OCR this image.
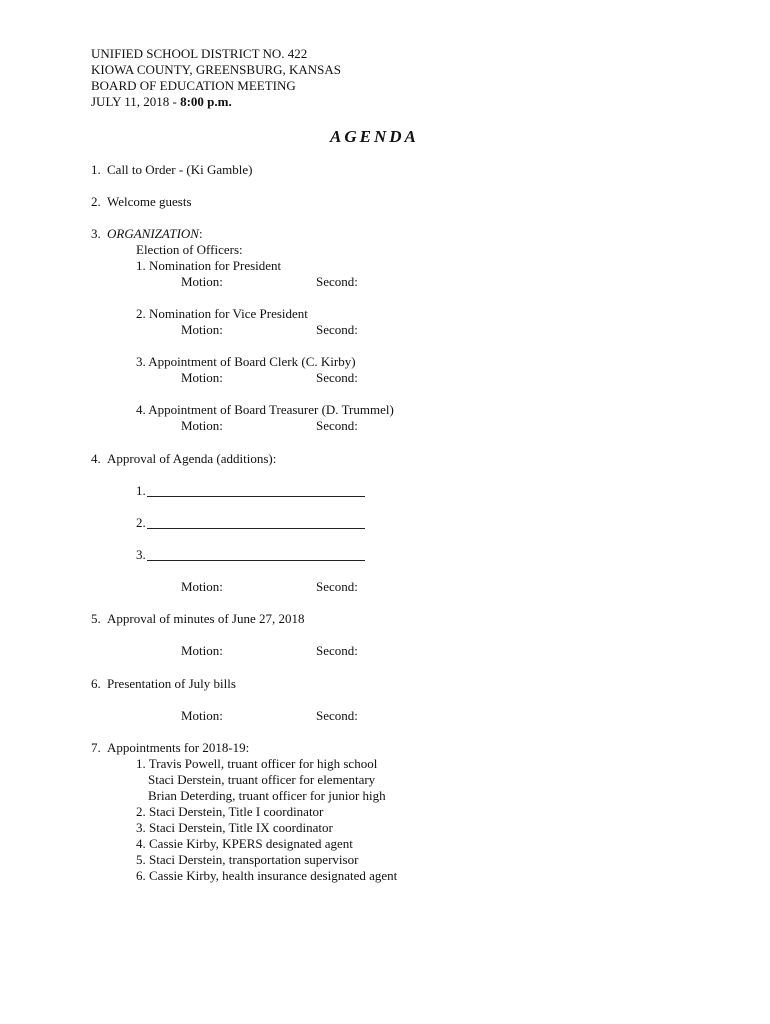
UNIFIED SCHOOL DISTRICT NO. 422
KIOWA COUNTY, GREENSBURG, KANSAS
BOARD OF EDUCATION MEETING
JULY 11, 2018 - 8:00 p.m.
AGENDA
1. Call to Order - (Ki Gamble)
2. Welcome guests
3. ORGANIZATION:
Election of Officers:
1. Nomination for President
Motion:	Second:
2. Nomination for Vice President
Motion:	Second:
3. Appointment of Board Clerk (C. Kirby)
Motion:	Second:
4. Appointment of Board Treasurer (D. Trummel)
Motion:	Second:
4. Approval of Agenda (additions):
1.
2.
3.
Motion:	Second:
5. Approval of minutes of June 27, 2018
Motion:	Second:
6. Presentation of July bills
Motion:	Second:
7. Appointments for 2018-19:
1. Travis Powell, truant officer for high school
Staci Derstein, truant officer for elementary
Brian Deterding, truant officer for junior high
2. Staci Derstein, Title I coordinator
3. Staci Derstein, Title IX coordinator
4. Cassie Kirby, KPERS designated agent
5. Staci Derstein, transportation supervisor
6. Cassie Kirby, health insurance designated agent
